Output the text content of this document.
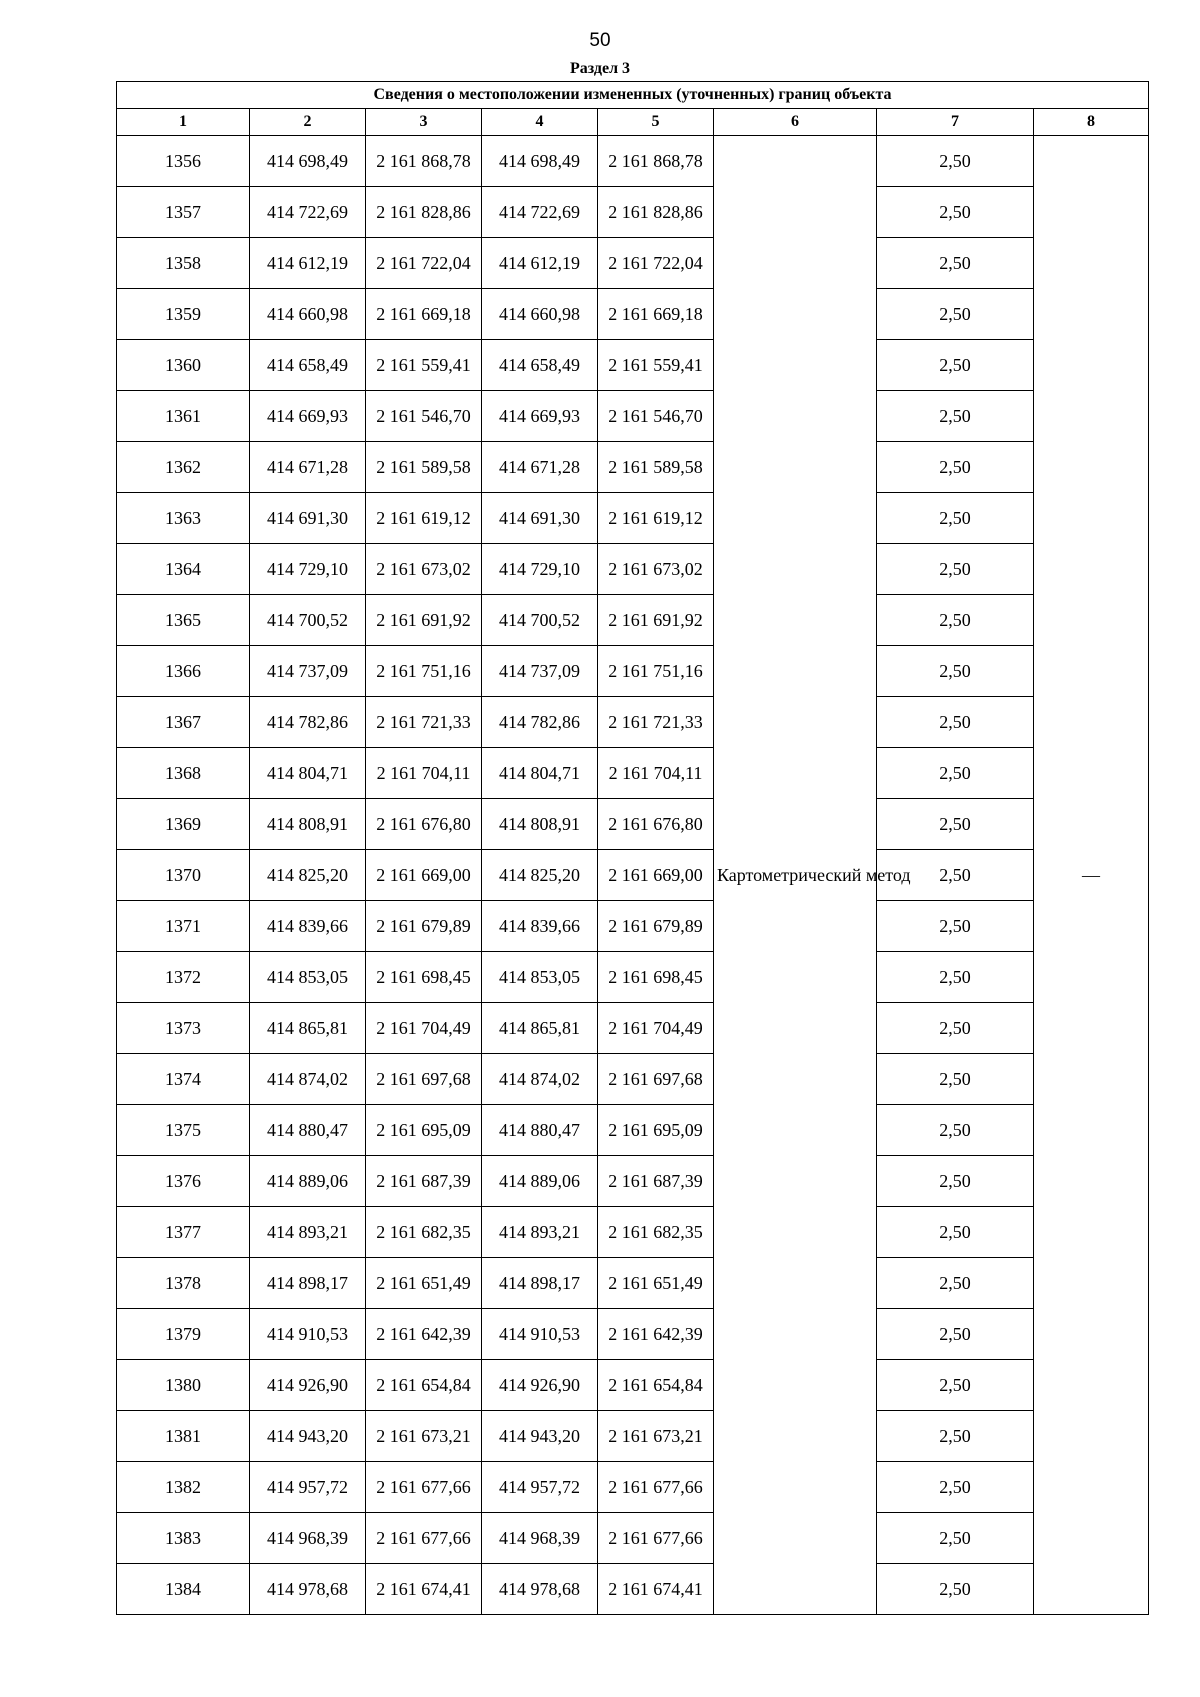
50
Раздел 3
Сведения о местоположении измененных (уточненных) границ объекта							
1	2	3	4	5	6	7	8
1356	414 698,49	2 161 868,78	414 698,49	2 161 868,78	Картометрический метод	2,50	—
1357	414 722,69	2 161 828,86	414 722,69	2 161 828,86		2,50	
1358	414 612,19	2 161 722,04	414 612,19	2 161 722,04		2,50	
1359	414 660,98	2 161 669,18	414 660,98	2 161 669,18		2,50	
1360	414 658,49	2 161 559,41	414 658,49	2 161 559,41		2,50	
1361	414 669,93	2 161 546,70	414 669,93	2 161 546,70		2,50	
1362	414 671,28	2 161 589,58	414 671,28	2 161 589,58		2,50	
1363	414 691,30	2 161 619,12	414 691,30	2 161 619,12		2,50	
1364	414 729,10	2 161 673,02	414 729,10	2 161 673,02		2,50	
1365	414 700,52	2 161 691,92	414 700,52	2 161 691,92		2,50	
1366	414 737,09	2 161 751,16	414 737,09	2 161 751,16		2,50	
1367	414 782,86	2 161 721,33	414 782,86	2 161 721,33		2,50	
1368	414 804,71	2 161 704,11	414 804,71	2 161 704,11		2,50	
1369	414 808,91	2 161 676,80	414 808,91	2 161 676,80		2,50	
1370	414 825,20	2 161 669,00	414 825,20	2 161 669,00		2,50	
1371	414 839,66	2 161 679,89	414 839,66	2 161 679,89		2,50	
1372	414 853,05	2 161 698,45	414 853,05	2 161 698,45		2,50	
1373	414 865,81	2 161 704,49	414 865,81	2 161 704,49		2,50	
1374	414 874,02	2 161 697,68	414 874,02	2 161 697,68		2,50	
1375	414 880,47	2 161 695,09	414 880,47	2 161 695,09		2,50	
1376	414 889,06	2 161 687,39	414 889,06	2 161 687,39		2,50	
1377	414 893,21	2 161 682,35	414 893,21	2 161 682,35		2,50	
1378	414 898,17	2 161 651,49	414 898,17	2 161 651,49		2,50	
1379	414 910,53	2 161 642,39	414 910,53	2 161 642,39		2,50	
1380	414 926,90	2 161 654,84	414 926,90	2 161 654,84		2,50	
1381	414 943,20	2 161 673,21	414 943,20	2 161 673,21		2,50	
1382	414 957,72	2 161 677,66	414 957,72	2 161 677,66		2,50	
1383	414 968,39	2 161 677,66	414 968,39	2 161 677,66		2,50	
1384	414 978,68	2 161 674,41	414 978,68	2 161 674,41		2,50	
